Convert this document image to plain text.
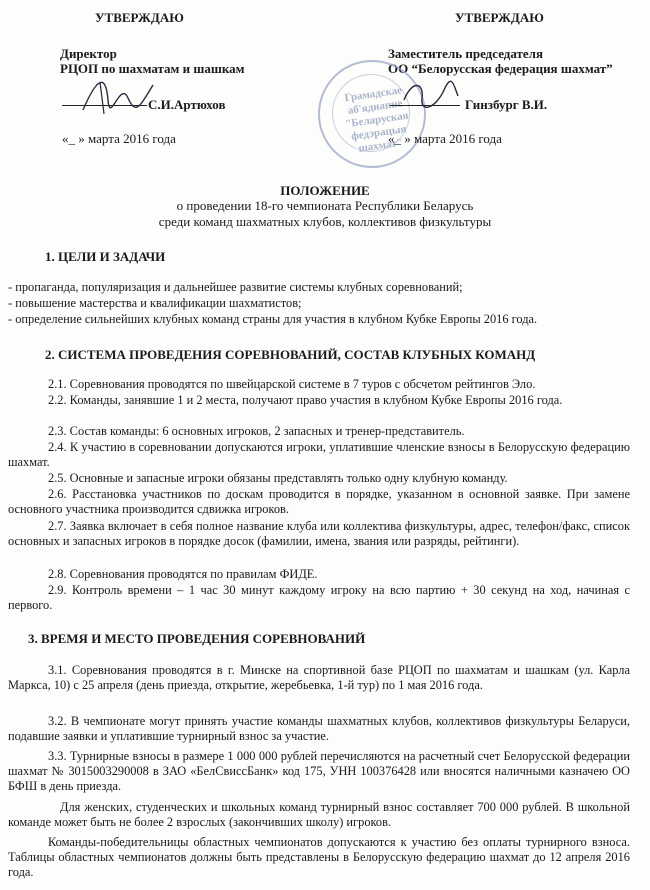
УТВЕРЖДАЮ	УТВЕРЖДАЮ
Директор
РЦОП по шахматам и шашкам
Заместитель председателя
ОО “Белорусская федерация шахмат”
Грамадскае аб'яднанне "Беларуская федэрацыя шахмат"
С.И.Артюхов	Гинзбург В.И.
«_ » марта 2016 года	«_ » марта 2016 года
ПОЛОЖЕНИЕ
о проведении 18-го чемпионата Республики Беларусь
среди команд шахматных клубов, коллективов физкультуры
1. ЦЕЛИ И ЗАДАЧИ
- пропаганда, популяризация и дальнейшее развитие системы клубных соревнований;
- повышение мастерства и квалификации шахматистов;
- определение сильнейших клубных команд страны для участия в клубном Кубке Европы 2016 года.
2. СИСТЕМА ПРОВЕДЕНИЯ СОРЕВНОВАНИЙ, СОСТАВ КЛУБНЫХ КОМАНД
2.1. Соревнования проводятся по швейцарской системе в 7 туров с обсчетом рейтингов Эло.
2.2. Команды, занявшие 1 и 2 места, получают право участия в клубном Кубке Европы 2016 года.
2.3. Состав команды: 6 основных игроков, 2 запасных и тренер-представитель.
2.4. К участию в соревновании допускаются игроки, уплатившие членские взносы в Белорусскую федерацию шахмат.
2.5. Основные и запасные игроки обязаны представлять только одну клубную команду.
2.6. Расстановка участников по доскам проводится в порядке, указанном в основной заявке. При замене основного участника производится сдвижка игроков.
2.7. Заявка включает в себя полное название клуба или коллектива физкультуры, адрес, телефон/факс, список основных и запасных игроков в порядке досок (фамилии, имена, звания или разряды, рейтинги).
2.8. Соревнования проводятся по правилам ФИДЕ.
2.9. Контроль времени – 1 час 30 минут каждому игроку на всю партию + 30 секунд на ход, начиная с первого.
3. ВРЕМЯ И МЕСТО ПРОВЕДЕНИЯ СОРЕВНОВАНИЙ
3.1. Соревнования проводятся в г. Минске на спортивной базе РЦОП по шахматам и шашкам (ул. Карла Маркса, 10) с 25 апреля (день приезда, открытие, жеребьевка, 1-й тур) по 1 мая 2016 года.
3.2. В чемпионате могут принять участие команды шахматных клубов, коллективов физкультуры Беларуси, подавшие заявки и уплатившие турнирный взнос за участие.
3.3. Турнирные взносы в размере 1 000 000 рублей перечисляются на расчетный счет Белорусской федерации шахмат № 3015003290008 в ЗАО «БелСвиссБанк» код 175, УНН 100376428 или вносятся наличными казначею ОО БФШ в день приезда.
Для женских, студенческих и школьных команд турнирный взнос составляет 700 000 рублей. В школьной команде может быть не более 2 взрослых (закончивших школу) игроков.
Команды-победительницы областных чемпионатов допускаются к участию без оплаты турнирного взноса. Таблицы областных чемпионатов должны быть представлены в Белорусскую федерацию шахмат до 12 апреля 2016 года.
